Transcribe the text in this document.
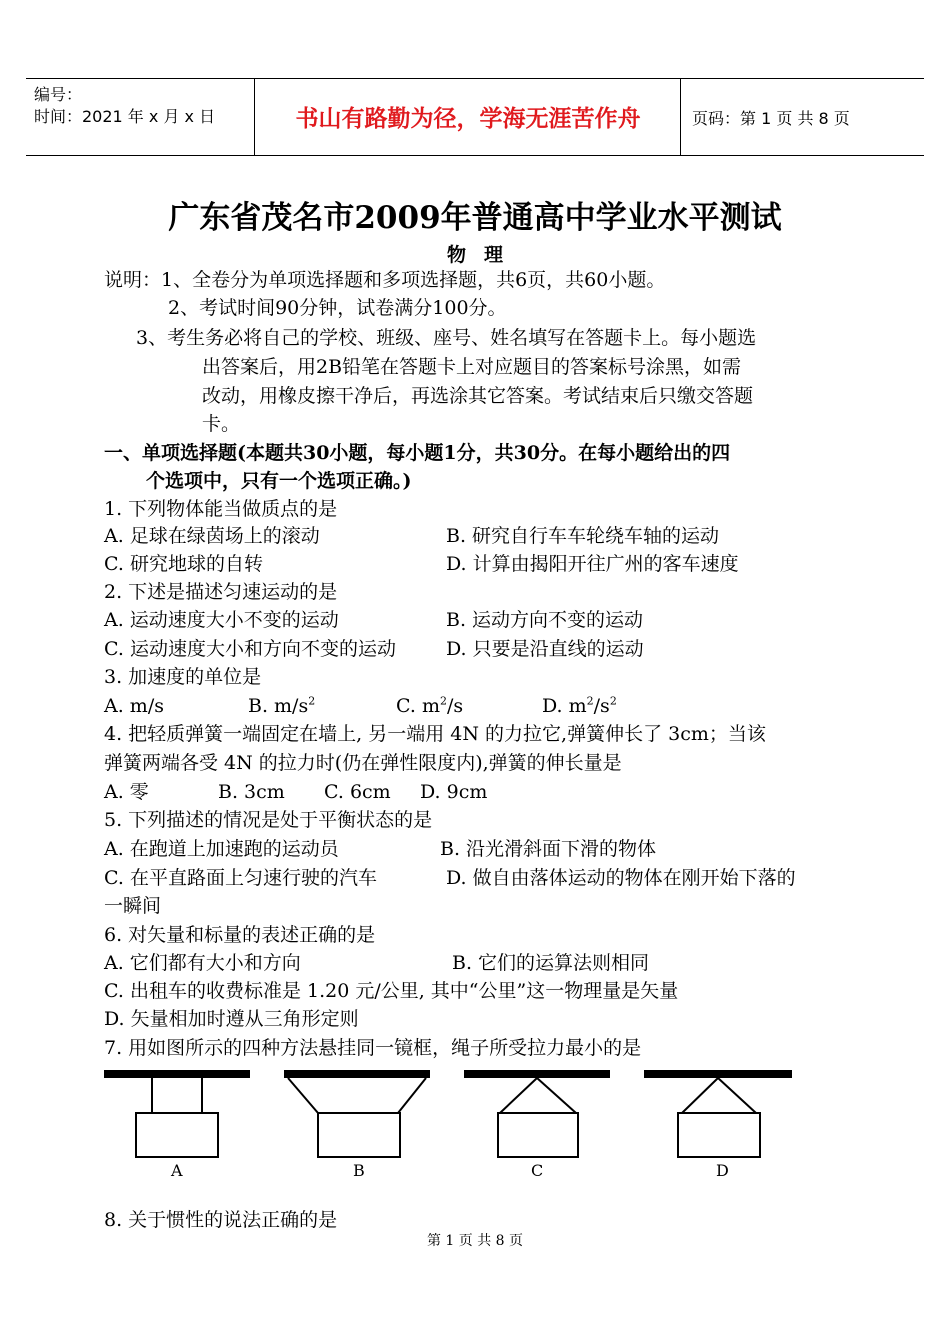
编号：
时间：2021 年 x 月 x 日	书山有路勤为径，学海无涯苦作舟	页码：第 1 页 共 8 页
广东省茂名市2009年普通高中学业水平测试
物理
说明：1、全卷分为单项选择题和多项选择题，共6页，共60小题。
2、考试时间90分钟，试卷满分100分。
3、考生务必将自己的学校、班级、座号、姓名填写在答题卡上。每小题选
出答案后，用2B铅笔在答题卡上对应题目的答案标号涂黑，如需
改动，用橡皮擦干净后，再选涂其它答案。考试结束后只缴交答题
卡。
一、单项选择题(本题共30小题，每小题1分，共30分。在每小题给出的四
个选项中，只有一个选项正确。)
1. 下列物体能当做质点的是
A. 足球在绿茵场上的滚动	B. 研究自行车车轮绕车轴的运动
C. 研究地球的自转	D. 计算由揭阳开往广州的客车速度
2. 下述是描述匀速运动的是
A. 运动速度大小不变的运动	B. 运动方向不变的运动
C. 运动速度大小和方向不变的运动	D. 只要是沿直线的运动
3. 加速度的单位是
A. m/s	B. $m/s^2$	C. $m^2/s$	D. $m^2/s^2$
4. 把轻质弹簧一端固定在墙上, 另一端用 4N 的力拉它,弹簧伸长了 3cm；当该
弹簧两端各受 4N 的拉力时(仍在弹性限度内),弹簧的伸长量是
A. 零	B. 3cm C. 6cm D. 9cm
5. 下列描述的情况是处于平衡状态的是
A. 在跑道上加速跑的运动员	B. 沿光滑斜面下滑的物体
C. 在平直路面上匀速行驶的汽车	D. 做自由落体运动的物体在刚开始下落的
一瞬间
6. 对矢量和标量的表述正确的是
A. 它们都有大小和方向	B. 它们的运算法则相同
C. 出租车的收费标准是 1.20 元/公里, 其中“公里”这一物理量是矢量
D. 矢量相加时遵从三角形定则
7. 用如图所示的四种方法悬挂同一镜框，绳子所受拉力最小的是
A	B	C	D
8. 关于惯性的说法正确的是
第 1 页 共 8 页
